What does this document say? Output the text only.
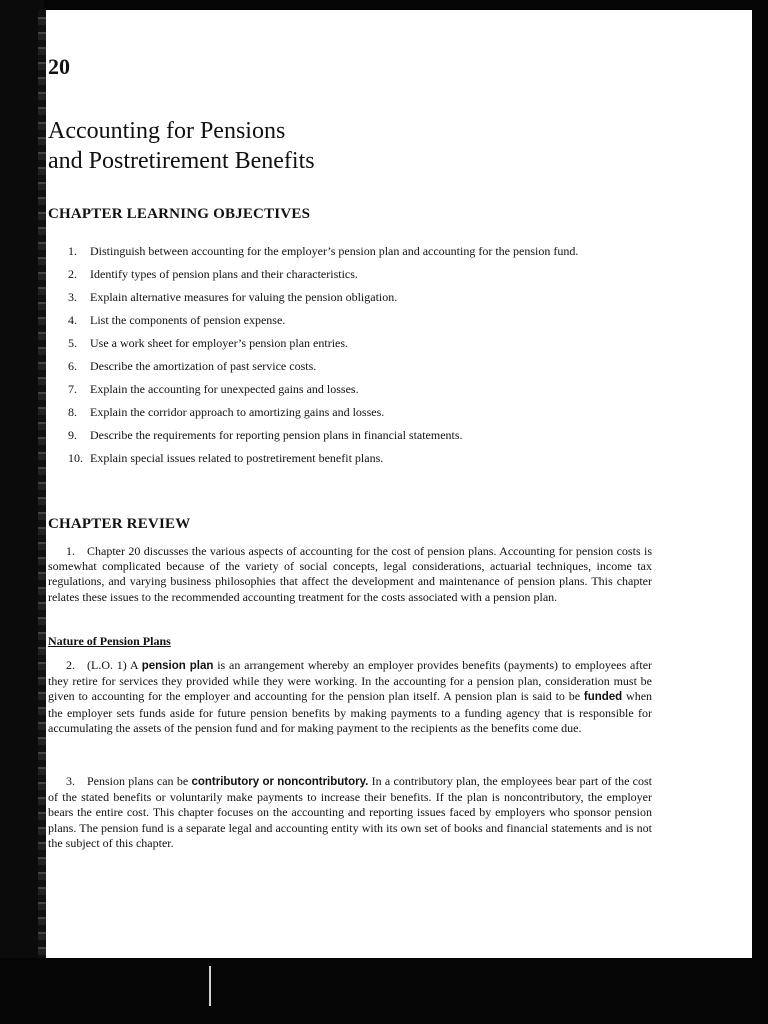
20
Accounting for Pensions
and Postretirement Benefits
CHAPTER LEARNING OBJECTIVES
1. Distinguish between accounting for the employer’s pension plan and accounting for the pension fund.
2. Identify types of pension plans and their characteristics.
3. Explain alternative measures for valuing the pension obligation.
4. List the components of pension expense.
5. Use a work sheet for employer’s pension plan entries.
6. Describe the amortization of past service costs.
7. Explain the accounting for unexpected gains and losses.
8. Explain the corridor approach to amortizing gains and losses.
9. Describe the requirements for reporting pension plans in financial statements.
10. Explain special issues related to postretirement benefit plans.
CHAPTER REVIEW

1. Chapter 20 discusses the various aspects of accounting for the cost of pension plans. Accounting for pension costs is somewhat complicated because of the variety of social concepts, legal considerations, actuarial techniques, income tax regulations, and varying business philosophies that affect the development and maintenance of pension plans. This chapter relates these issues to the recommended accounting treatment for the costs associated with a pension plan.

Nature of Pension Plans

2. (L.O. 1) A pension plan is an arrangement whereby an employer provides benefits (payments) to employees after they retire for services they provided while they were working. In the accounting for a pension plan, consideration must be given to accounting for the employer and accounting for the pension plan itself. A pension plan is said to be funded when the employer sets funds aside for future pension benefits by making payments to a funding agency that is responsible for accumulating the assets of the pension fund and for making payment to the recipients as the benefits come due.

3. Pension plans can be contributory or noncontributory. In a contributory plan, the employees bear part of the cost of the stated benefits or voluntarily make payments to increase their benefits. If the plan is noncontributory, the employer bears the entire cost. This chapter focuses on the accounting and reporting issues faced by employers who sponsor pension plans. The pension fund is a separate legal and accounting entity with its own set of books and financial statements and is not the subject of this chapter.
